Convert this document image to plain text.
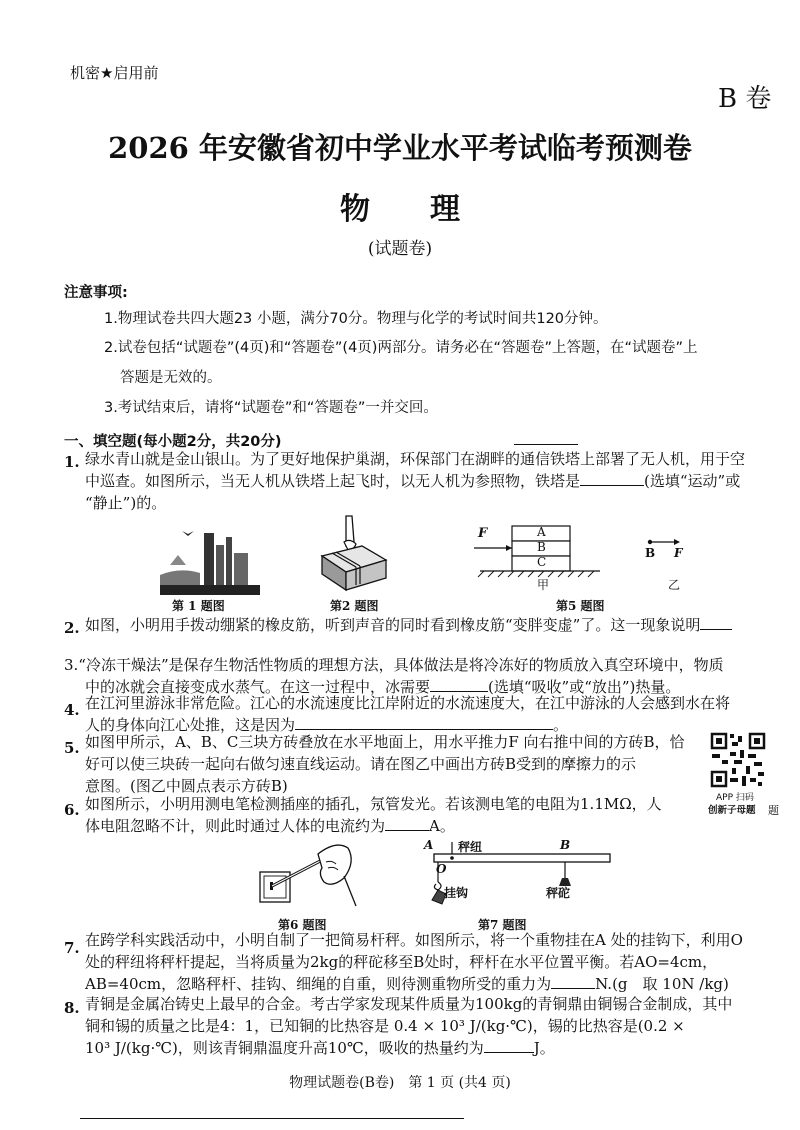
机密★启用前
B 卷
2026 年安徽省初中学业水平考试临考预测卷
物　　理
(试题卷)
注意事项:
1.物理试卷共四大题23 小题，满分70分。物理与化学的考试时间共120分钟。
2.试卷包括“试题卷”(4页)和“答题卷”(4页)两部分。请务必在“答题卷”上答题，在“试题卷”上
答题是无效的。
3.考试结束后，请将“试题卷”和“答题卷”一并交回。
一、填空题(每小题2分，共20分)
1. 绿水青山就是金山银山。为了更好地保护巢湖，环保部门在湖畔的通信铁塔上部署了无人机，用于空
中巡查。如图所示，当无人机从铁塔上起飞时，以无人机为参照物，铁塔是	(选填“运动”或
“静止”)的。
第 1 题图	第2 题图
F	A
B
C
甲
B F
乙
第5 题图
2. 如图，小明用手拨动绷紧的橡皮筋，听到声音的同时看到橡皮筋“变胖变虚”了。这一现象说明
3.“冷冻干燥法”是保存生物活性物质的理想方法，具体做法是将冷冻好的物质放入真空环境中，物质
中的冰就会直接变成水蒸气。在这一过程中，冰需要	(选填“吸收”或“放出”)热量。
4. 在江河里游泳非常危险。江心的水流速度比江岸附近的水流速度大，在江中游泳的人会感到水在将
人的身体向江心处推，这是因为	。
5. 如图甲所示，A、B、C三块方砖叠放在水平地面上，用水平推力F 向右推中间的方砖B，恰
好可以使三块砖一起向右做匀速直线运动。请在图乙中画出方砖B受到的摩擦力的示
意图。(图乙中圆点表示方砖B)
APP 扫码
创新子母题 题
6. 如图所示，小明用测电笔检测插座的插孔，氖管发光。若该测电笔的电阻为1.1MΩ，人
体电阻忽略不计，则此时通过人体的电流约为	A。
第6 题图
A
O
秤纽	B
挂钩	秤砣
第7 题图
7. 在跨学科实践活动中，小明自制了一把简易杆秤。如图所示，将一个重物挂在A 处的挂钩下，利用O
处的秤纽将秤杆提起，当将质量为2kg的秤砣移至B处时，秤杆在水平位置平衡。若AO=4cm，
AB=40cm，忽略秤杆、挂钩、细绳的自重，则待测重物所受的重力为	N.(g　取 10N /kg)
8. 青铜是金属冶铸史上最早的合金。考古学家发现某件质量为100kg的青铜鼎由铜锡合金制成，其中
铜和锡的质量之比是4：1，已知铜的比热容是 0.4 × 10³ J/(kg·℃)，锡的比热容是(0.2 ×
10³ J/(kg·℃)，则该青铜鼎温度升高10℃，吸收的热量约为	J。
物理试题卷(B卷)　第 1 页 (共4 页)
